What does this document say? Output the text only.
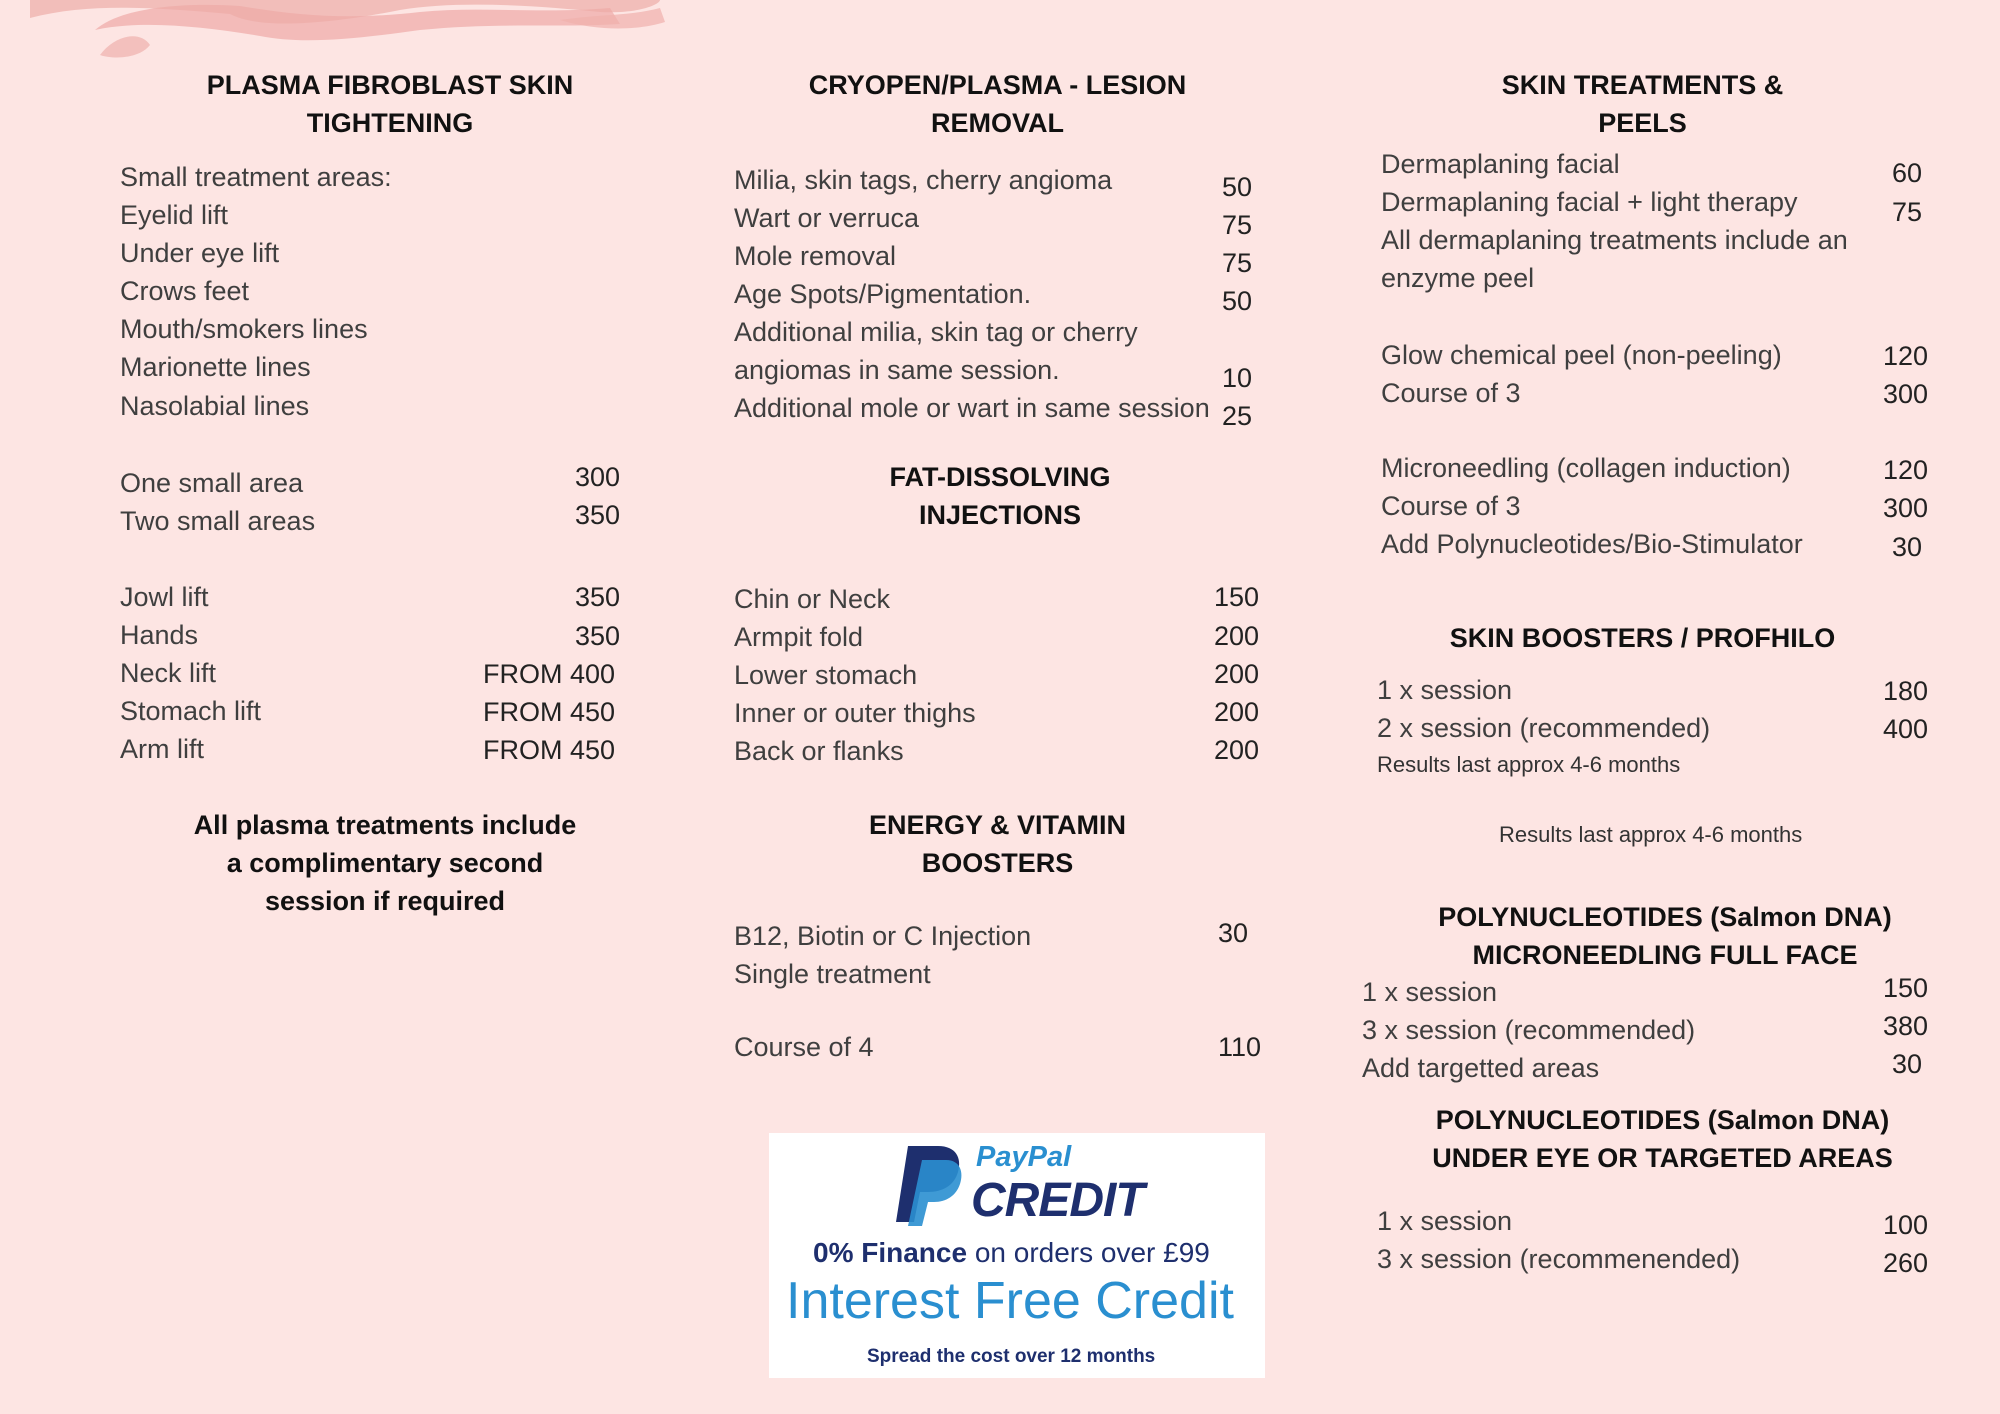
PLASMA FIBROBLAST SKIN TIGHTENING
Small treatment areas:
Eyelid lift
Under eye lift
Crows feet
Mouth/smokers lines
Marionette lines
Nasolabial lines
One small area	300
Two small areas	350
Jowl lift	350
Hands	350
Neck lift	FROM 400
Stomach lift	FROM 450
Arm lift	FROM 450
All plasma treatments include a complimentary second session if required
CRYOPEN/PLASMA - LESION REMOVAL
Milia, skin tags, cherry angioma	50
Wart or verruca	75
Mole removal	75
Age Spots/Pigmentation.	50
Additional milia, skin tag or cherry
angiomas in same session.	10
Additional mole or wart in same session 25
FAT-DISSOLVING INJECTIONS
Chin or Neck	150
Armpit fold	200
Lower stomach	200
Inner or outer thighs	200
Back or flanks	200
ENERGY & VITAMIN BOOSTERS
B12, Biotin or C Injection	30
Single treatment
Course of 4	110
PayPal
CREDIT
0% Finance on orders over £99
Interest Free Credit
Spread the cost over 12 months
SKIN TREATMENTS & PEELS
Dermaplaning facial	60
Dermaplaning facial + light therapy	75
All dermaplaning treatments include an
enzyme peel
Glow chemical peel (non-peeling)	120
Course of 3	300
Microneedling (collagen induction)	120
Course of 3	300
Add Polynucleotides/Bio-Stimulator	30
SKIN BOOSTERS / PROFHILO
1 x session	180
2 x session (recommended)	400
Results last approx 4-6 months
Results last approx 4-6 months
POLYNUCLEOTIDES (Salmon DNA) MICRONEEDLING FULL FACE
1 x session	150
3 x session (recommended)	380
Add targetted areas	30
POLYNUCLEOTIDES (Salmon DNA) UNDER EYE OR TARGETED AREAS
1 x session	100
3 x session (recommenended)	260
